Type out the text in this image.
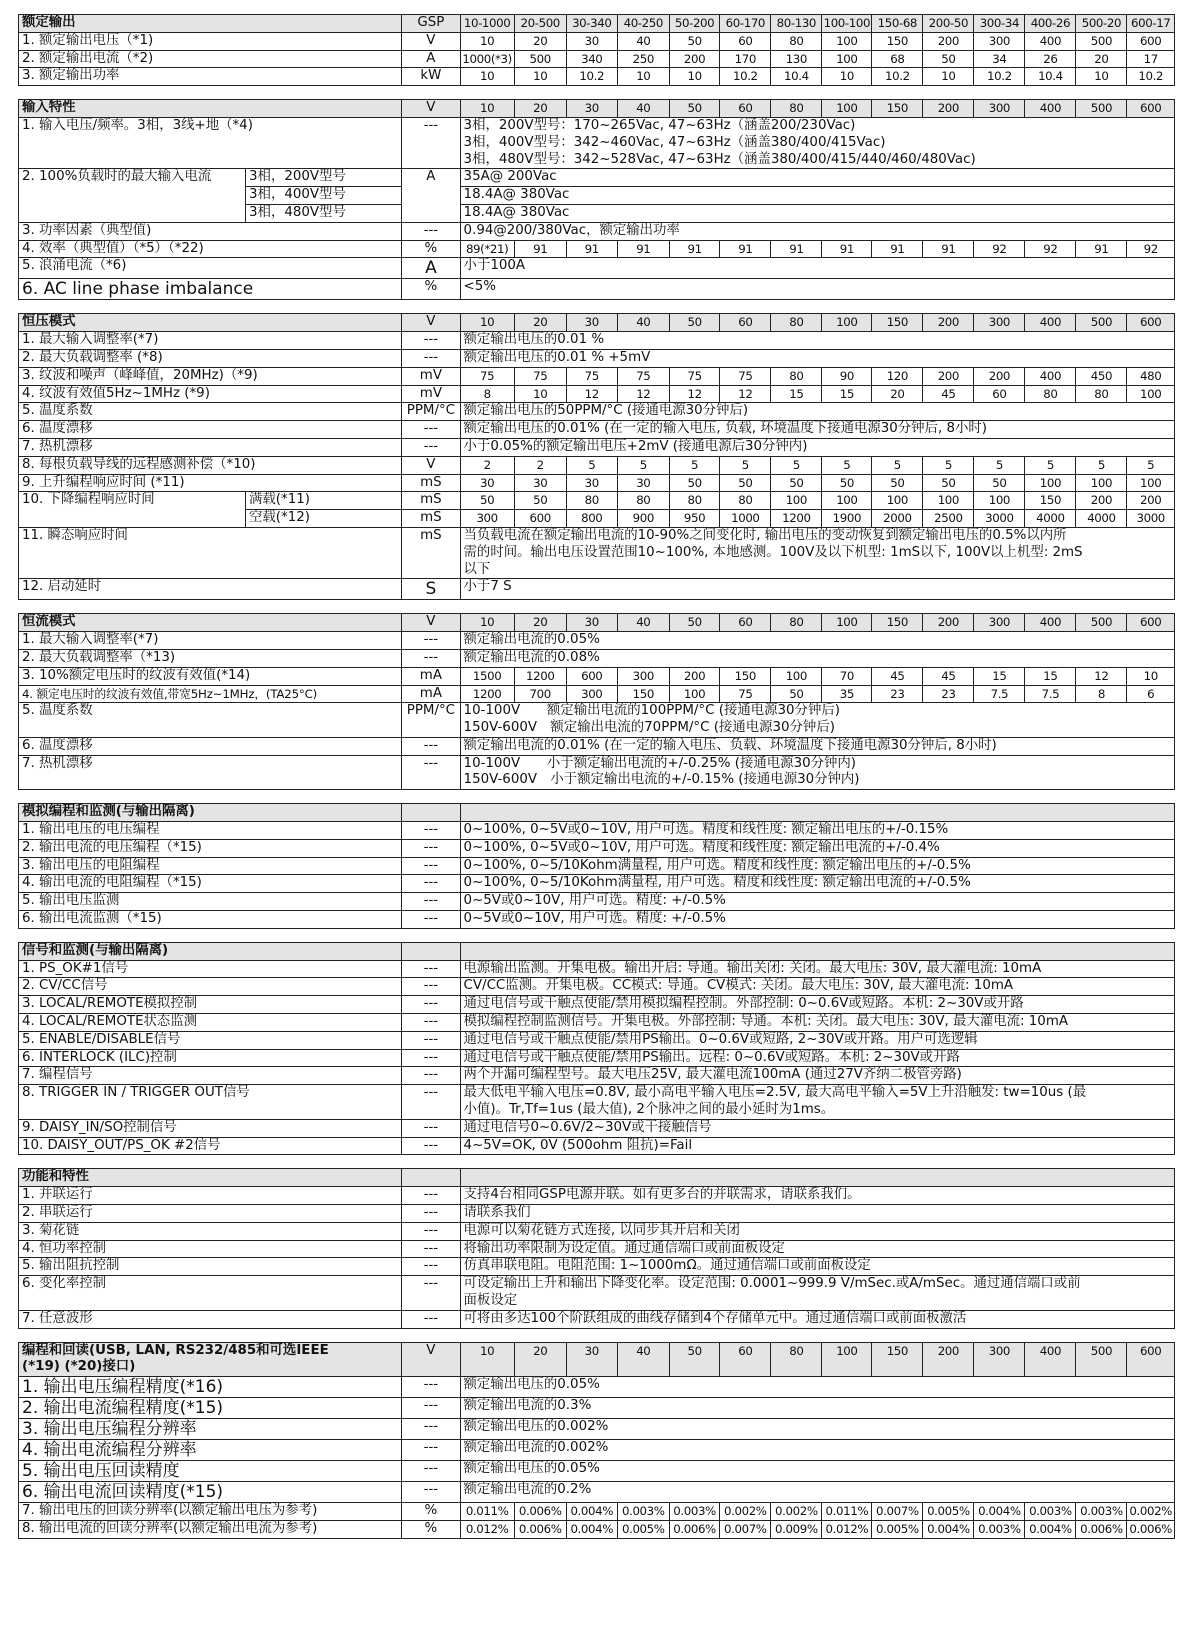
额定输出	GSP	10-1000	20-500	30-340	40-250	50-200	60-170	80-130	100-100	150-68	200-50	300-34	400-26	500-20	600-17
1. 额定输出电压（*1)	V	10	20	30	40	50	60	80	100	150	200	300	400	500	600
2. 额定输出电流（*2)	A	1000(*3)	500	340	250	200	170	130	100	68	50	34	26	20	17
3. 额定输出功率	kW	10	10	10.2	10	10	10.2	10.4	10	10.2	10	10.2	10.4	10	10.2
输入特性		V	10	20	30	40	50	60	80	100	150	200	300	400	500	600
1. 输入电压/频率。3相，3线+地（*4)		---	3相，200V型号：170~265Vac, 47~63Hz（涵盖200/230Vac)
3相，400V型号：342~460Vac, 47~63Hz（涵盖380/400/415Vac)
3相，480V型号：342~528Vac, 47~63Hz（涵盖380/400/415/440/460/480Vac)													

2. 100%负载时的最大输入电流	3相，200V型号	A	35A@ 200Vac													
	3相，400V型号		18.4A@ 380Vac													
	3相，480V型号		18.4A@ 380Vac													
3. 功率因素（典型值)		---	0.94@200/380Vac，额定输出功率													
4. 效率（典型值）（*5）（*22)		%	89(*21)	91	91	91	91	91	91	91	91	91	92	92	91	92
5. 浪涌电流（*6)		A	小于100A													
6. AC line phase imbalance		%	<5%													
恒压模式		V	10	20	30	40	50	60	80	100	150	200	300	400	500	600
1. 最大输入调整率(*7)		---	额定输出电压的0.01 %													
2. 最大负载调整率 (*8)		---	额定输出电压的0.01 % +5mV													
3. 纹波和噪声（峰峰值，20MHz)（*9)		mV	75	75	75	75	75	75	80	90	120	200	200	400	450	480
4. 纹波有效值5Hz~1MHz (*9)		mV	8	10	12	12	12	12	15	15	20	45	60	80	80	100
5. 温度系数		PPM/°C	额定输出电压的50PPM/°C (接通电源30分钟后)													
6. 温度漂移		---	额定输出电压的0.01% (在一定的输入电压, 负载, 环境温度下接通电源30分钟后, 8小时)													
7. 热机漂移		---	小于0.05%的额定输出电压+2mV (接通电源后30分钟内)													
8. 每根负载导线的远程感测补偿（*10)		V	2	2	5	5	5	5	5	5	5	5	5	5	5	5
9. 上升编程响应时间 (*11)		mS	30	30	30	30	50	50	50	50	50	50	50	100	100	100
10. 下降编程响应时间	满载(*11)	mS	50	50	80	80	80	80	100	100	100	100	100	150	200	200
	空载(*12)	mS	300	600	800	900	950	1000	1200	1900	2000	2500	3000	4000	4000	3000
11. 瞬态响应时间		mS	当负载电流在额定输出电流的10-90%之间变化时, 输出电压的变动恢复到额定输出电压的0.5%以内所
需的时间。输出电压设置范围10~100%, 本地感测。100V及以下机型: 1mS以下, 100V以上机型: 2mS
以下													

12. 启动延时		S	小于7 S													
恒流模式	V	10	20	30	40	50	60	80	100	150	200	300	400	500	600
1. 最大输入调整率(*7)	---	额定输出电流的0.05%													
2. 最大负载调整率（*13)	---	额定输出电流的0.08%													
3. 10%额定电压时的纹波有效值(*14)	mA	1500	1200	600	300	200	150	100	70	45	45	15	15	12	10
4. 额定电压时的纹波有效值,带宽5Hz~1MHz，(TA25°C)	mA	1200	700	300	150	100	75	50	35	23	23	7.5	7.5	8	6
5. 温度系数	PPM/°C	10-100V　　额定输出电流的100PPM/°C (接通电源30分钟后)
150V-600V　额定输出电流的70PPM/°C (接通电源30分钟后)													

6. 温度漂移	---	额定输出电流的0.01% (在一定的输入电压、负载、环境温度下接通电源30分钟后, 8小时)													
7. 热机漂移	---	10-100V　　小于额定输出电流的+/-0.25% (接通电源30分钟内)
150V-600V　小于额定输出电流的+/-0.15% (接通电源30分钟内)													
模拟编程和监测(与输出隔离)		
1. 输出电压的电压编程	---	0~100%, 0~5V或0~10V, 用户可选。精度和线性度: 额定输出电压的+/-0.15%
2. 输出电流的电压编程（*15)	---	0~100%, 0~5V或0~10V, 用户可选。精度和线性度: 额定输出电流的+/-0.4%
3. 输出电压的电阻编程	---	0~100%, 0~5/10Kohm满量程, 用户可选。精度和线性度: 额定输出电压的+/-0.5%
4. 输出电流的电阻编程（*15)	---	0~100%, 0~5/10Kohm满量程, 用户可选。精度和线性度: 额定输出电流的+/-0.5%
5. 输出电压监测	---	0~5V或0~10V, 用户可选。精度: +/-0.5%
6. 输出电流监测（*15)	---	0~5V或0~10V, 用户可选。精度: +/-0.5%
信号和监测(与输出隔离)		
1. PS_OK#1信号	---	电源输出监测。开集电极。输出开启: 导通。输出关闭: 关闭。最大电压: 30V, 最大灌电流: 10mA
2. CV/CC信号	---	CV/CC监测。开集电极。CC模式: 导通。CV模式: 关闭。最大电压: 30V, 最大灌电流: 10mA
3. LOCAL/REMOTE模拟控制	---	通过电信号或干触点使能/禁用模拟编程控制。外部控制: 0~0.6V或短路。本机: 2~30V或开路
4. LOCAL/REMOTE状态监测	---	模拟编程控制监测信号。开集电极。外部控制: 导通。本机: 关闭。最大电压: 30V, 最大灌电流: 10mA
5. ENABLE/DISABLE信号	---	通过电信号或干触点使能/禁用PS输出。0~0.6V或短路, 2~30V或开路。用户可选逻辑
6. INTERLOCK (ILC)控制	---	通过电信号或干触点使能/禁用PS输出。远程: 0~0.6V或短路。本机: 2~30V或开路
7. 编程信号	---	两个开漏可编程型号。最大电压25V, 最大灌电流100mA (通过27V齐纳二极管旁路)
8. TRIGGER IN / TRIGGER OUT信号	---	最大低电平输入电压=0.8V, 最小高电平输入电压=2.5V, 最大高电平输入=5V上升沿触发: tw=10us (最
小值)。Tr,Tf=1us (最大值), 2个脉冲之间的最小延时为1ms。

9. DAISY_IN/SO控制信号	---	通过电信号0~0.6V/2~30V或干接触信号
10. DAISY_OUT/PS_OK #2信号	---	4~5V=OK, 0V (500ohm 阻抗)=Fail
功能和特性		
1. 并联运行	---	支持4台相同GSP电源并联。如有更多台的并联需求，请联系我们。
2. 串联运行	---	请联系我们
3. 菊花链	---	电源可以菊花链方式连接, 以同步其开启和关闭
4. 恒功率控制	---	将输出功率限制为设定值。通过通信端口或前面板设定
5. 输出阻抗控制	---	仿真串联电阻。电阻范围: 1~1000mΩ。通过通信端口或前面板设定
6. 变化率控制	---	可设定输出上升和输出下降变化率。设定范围: 0.0001~999.9 V/mSec.或A/mSec。通过通信端口或前
面板设定

7. 任意波形	---	可将由多达100个阶跃组成的曲线存储到4个存储单元中。通过通信端口或前面板激活
编程和回读(USB, LAN, RS232/485和可选IEEE
(*19) (*20)接口)	V	10	20	30	40	50	60	80	100	150	200	300	400	500	600
1. 输出电压编程精度(*16)	---	额定输出电压的0.05%													
2. 输出电流编程精度(*15)	---	额定输出电流的0.3%													
3. 输出电压编程分辨率	---	额定输出电压的0.002%													
4. 输出电流编程分辨率	---	额定输出电流的0.002%													
5. 输出电压回读精度	---	额定输出电压的0.05%													
6. 输出电流回读精度(*15)	---	额定输出电流的0.2%													
7. 输出电压的回读分辨率(以额定输出电压为参考)	%	0.011%	0.006%	0.004%	0.003%	0.003%	0.002%	0.002%	0.011%	0.007%	0.005%	0.004%	0.003%	0.003%	0.002%
8. 输出电流的回读分辨率(以额定输出电流为参考)	%	0.012%	0.006%	0.004%	0.005%	0.006%	0.007%	0.009%	0.012%	0.005%	0.004%	0.003%	0.004%	0.006%	0.006%
